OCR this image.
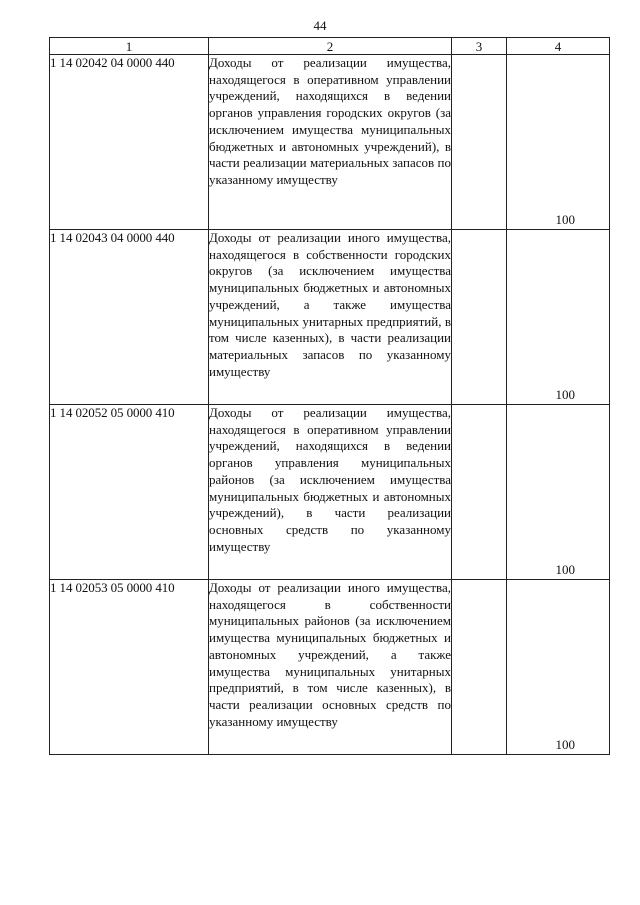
44
1	2	3	4
1 14 02042 04 0000 440	Доходы от реализации имущества, находящегося в оперативном управлении учреждений, находящихся в ведении органов управления городских округов (за исключением имущества муниципальных бюджетных и автономных учреждений), в части реализации материальных запасов по указанному имуществу		100
1 14 02043 04 0000 440	Доходы от реализации иного имущества, находящегося в собственности городских округов (за исключением имущества муниципальных бюджетных и автономных учреждений, а также имущества муниципальных унитарных предприятий, в том числе казенных), в части реализации материальных запасов по указанному имуществу		100
1 14 02052 05 0000 410	Доходы от реализации имущества, находящегося в оперативном управлении учреждений, находящихся в ведении органов управления муниципальных районов (за исключением имущества муниципальных бюджетных и автономных учреждений), в части реализации основных средств по указанному имуществу		100
1 14 02053 05 0000 410	Доходы от реализации иного имущества, находящегося в собственности муниципальных районов (за исключением имущества муниципальных бюджетных и автономных учреждений, а также имущества муниципальных унитарных предприятий, в том числе казенных), в части реализации основных средств по указанному имуществу		100
